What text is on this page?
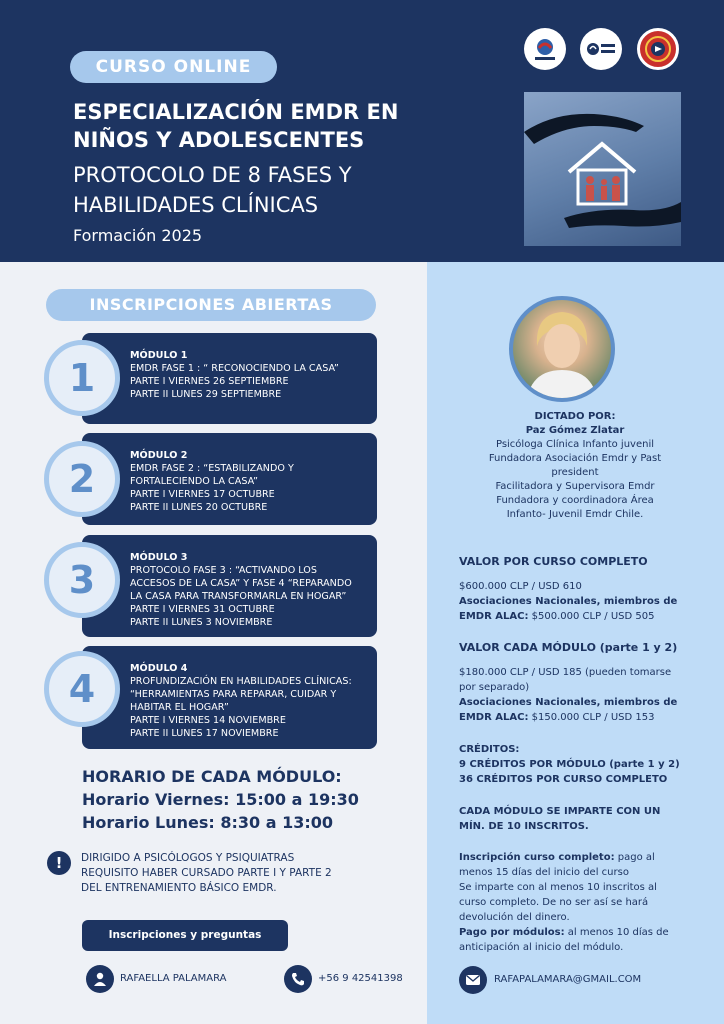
CURSO ONLINE
ESPECIALIZACIÓN EMDR EN
NIÑOS Y ADOLESCENTES
PROTOCOLO DE 8 FASES Y
HABILIDADES CLÍNICAS
Formación 2025
INSCRIPCIONES ABIERTAS
MÓDULO 1
EMDR FASE 1 : “ RECONOCIENDO LA CASA”
PARTE I VIERNES 26 SEPTIEMBRE
PARTE II LUNES 29 SEPTIEMBRE
1
MÓDULO 2
EMDR FASE 2 : “ESTABILIZANDO Y
FORTALECIENDO LA CASA”
PARTE I VIERNES 17 OCTUBRE
PARTE II LUNES 20 OCTUBRE
2
MÓDULO 3
PROTOCOLO FASE 3 : “ACTIVANDO LOS
ACCESOS DE LA CASA” Y FASE 4 “REPARANDO
LA CASA PARA TRANSFORMARLA EN HOGAR”
PARTE I VIERNES 31 OCTUBRE
PARTE II LUNES 3 NOVIEMBRE
3
MÓDULO 4
PROFUNDIZACIÓN EN HABILIDADES CLÍNICAS:
“HERRAMIENTAS PARA REPARAR, CUIDAR Y
HABITAR EL HOGAR”
PARTE I VIERNES 14 NOVIEMBRE
PARTE II LUNES 17 NOVIEMBRE
4
HORARIO DE CADA MÓDULO:
Horario Viernes: 15:00 a 19:30
Horario Lunes: 8:30 a 13:00
!	DIRIGIDO A PSICÓLOGOS Y PSIQUIATRAS
REQUISITO HABER CURSADO PARTE I Y PARTE 2
DEL ENTRENAMIENTO BÁSICO EMDR.
Inscripciones y preguntas
RAFAELLA PALAMARA	+56 9 42541398	RAFAPALAMARA@GMAIL.COM
DICTADO POR:
Paz Gómez Zlatar
Psicóloga Clínica Infanto juvenil
Fundadora Asociación Emdr y Past
president
Facilitadora y Supervisora Emdr
Fundadora y coordinadora Área
Infanto- Juvenil Emdr Chile.
VALOR POR CURSO COMPLETO
$600.000 CLP / USD 610
Asociaciones Nacionales, miembros de
EMDR ALAC: $500.000 CLP / USD 505
VALOR CADA MÓDULO (parte 1 y 2)
$180.000 CLP / USD 185 (pueden tomarse
por separado)
Asociaciones Nacionales, miembros de
EMDR ALAC: $150.000 CLP / USD 153
CRÉDITOS:
9 CRÉDITOS POR MÓDULO (parte 1 y 2)
36 CRÉDITOS POR CURSO COMPLETO
CADA MÓDULO SE IMPARTE CON UN
MÍN. DE 10 INSCRITOS.
Inscripción curso completo: pago al
menos 15 días del inicio del curso
Se imparte con al menos 10 inscritos al
curso completo. De no ser así se hará
devolución del dinero.
Pago por módulos: al menos 10 días de
anticipación al inicio del módulo.
